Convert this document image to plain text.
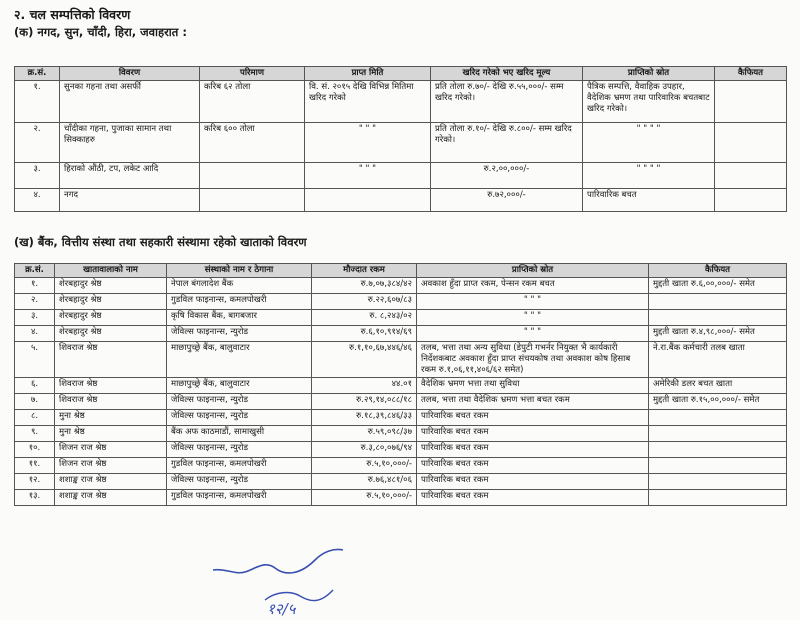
२. चल सम्पत्तिको विवरण
(क) नगद, सुन, चाँदी, हिरा, जवाहरात :
क्र.सं.	विवरण	परिमाण	प्राप्त मिति	खरिद गरेको भए खरिद मूल्य	प्राप्तिको स्रोत	कैफियत
१.	सुनका गहना तथा असर्फी	करिब ६२ तोला	वि. सं. २०१५ देखि विभिन्न मितिमा खरिद गरेको	प्रति तोला रु.७०/- देखि रु.५५,०००/- सम्म खरिद गरेको।	पैत्रिक सम्पत्ति, वैवाहिक उपहार, वैदेशिक भ्रमण तथा पारिवारिक बचतबाट खरिद गरेको।	
२.	चाँदीका गहना, पुजाका सामान तथा सिक्काहरु	करिब ६०० तोला	" " "	प्रति तोला रु.१०/- देखि रु.८००/- सम्म खरिद गरेको।	" " " "	
३.	हिराको औंठी, टप, लकेट आदि		" " "	रु.२,००,०००/-	" " " "	
४.	नगद			रु.७२,०००/-	पारिवारिक बचत	
(ख) बैंक, वित्तीय संस्था तथा सहकारी संस्थामा रहेको खाताको विवरण
क्र.सं.	खातावालाको नाम	संस्थाको नाम र ठेगाना	मौज्दात रकम	प्राप्तिको स्रोत	कैफियत
१.	शेरबहादुर श्रेष्ठ	नेपाल बंगलादेश बैंक	रु.७,०७,३८४/४२	अवकाश हुँदा प्राप्त रकम, पेन्सन रकम बचत	मुद्दती खाता रु.६,००,०००/- समेत
२.	शेरबहादुर श्रेष्ठ	गुडविल फाइनान्स, कमलपोखरी	रु.२२,६०७/८३	" " "	
३.	शेरबहादुर श्रेष्ठ	कृषि विकास बैंक, बागबजार	रु. ८,२४३/०२	" " "	
४.	शेरबहादुर श्रेष्ठ	जेविल्स फाइनान्स, न्युरोड	रु.६,१०,९१४/६९	" " "	मुद्दती खाता रु.४,९८,०००/- समेत
५.	शिवराज श्रेष्ठ	माछापुच्छ्रे बैंक, बालुवाटार	रु.१,१०,६७,४४६/४६	तलब, भत्ता तथा अन्य सुविधा (डेपुटी गभर्नर नियुक्त भै कार्यकारी निर्देशकबाट अवकाश हुँदा प्राप्त संचयकोष तथा अवकाश कोष हिसाब रकम रु.१,०६,११,४०६/६२ समेत)	ने.रा.बैंक कर्मचारी तलब खाता
६.	शिवराज श्रेष्ठ	माछापुच्छ्रे बैंक, बालुवाटार	४४.०१	वैदेशिक भ्रमण भत्ता तथा सुविधा	अमेरिकी डलर बचत खाता
७.	शिवराज श्रेष्ठ	जेविल्स फाइनान्स, न्युरोड	रु.२९,१४,०८८/१८	तलब, भत्ता तथा वैदेशिक भ्रमण भत्ता बचत रकम	मुद्दती खाता रु.१५,००,०००/- समेत
८.	मुना श्रेष्ठ	जेविल्स फाइनान्स, न्युरोड	रु.१८,३९,८४६/३३	पारिवारिक बचत रकम	
९.	मुना श्रेष्ठ	बैंक अफ काठमाडौं, सामाखुसी	रु.५९,०९८/३७	पारिवारिक बचत रकम	
१०.	शिजन राज श्रेष्ठ	जेविल्स फाइनान्स, न्युरोड	रु.३,८०,०७६/९४	पारिवारिक बचत रकम	
११.	शिजन राज श्रेष्ठ	गुडविल फाइनान्स, कमलपोखरी	रु.५,१०,०००/-	पारिवारिक बचत रकम	
१२.	शशाङ्क राज श्रेष्ठ	जेविल्स फाइनान्स, न्युरोड	रु.७६,४८१/०६	पारिवारिक बचत रकम	
१३.	शशाङ्क राज श्रेष्ठ	गुडविल फाइनान्स, कमलपोखरी	रु.५,१०,०००/-	पारिवारिक बचत रकम	
१२/५
